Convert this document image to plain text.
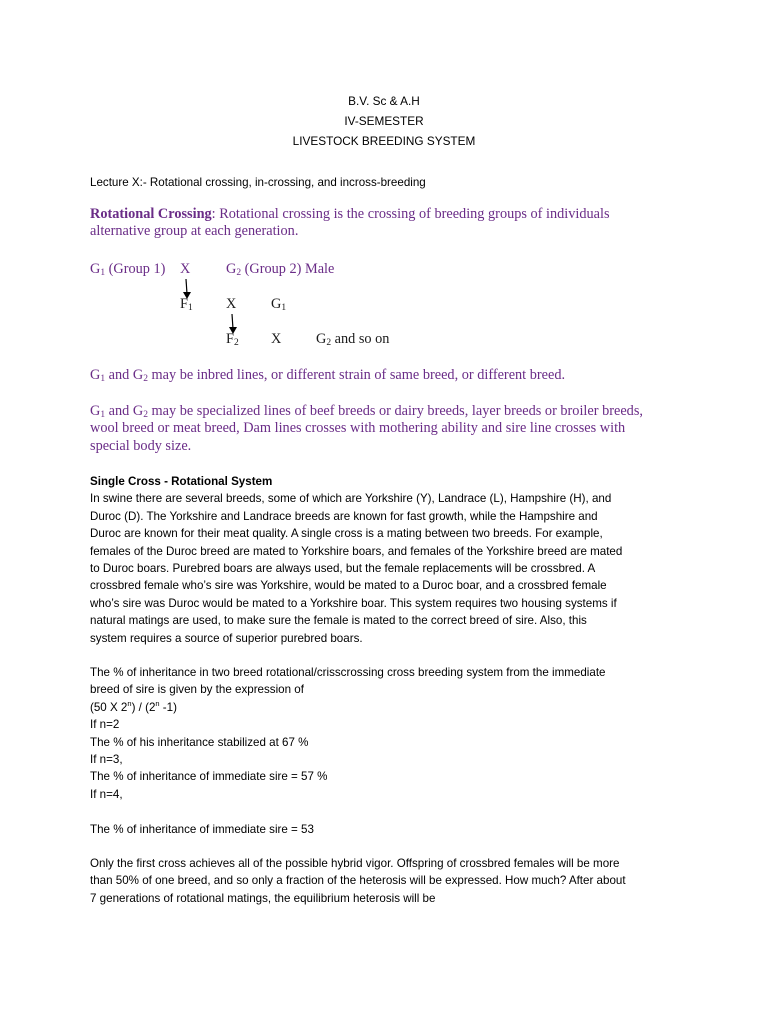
B.V. Sc & A.H
IV-SEMESTER
LIVESTOCK BREEDING SYSTEM
Lecture X:- Rotational crossing, in-crossing, and incross-breeding
Rotational Crossing: Rotational crossing is the crossing of breeding groups of individuals
alternative group at each generation.
$G_1$ (Group 1) X $G_2$ (Group 2) Male
$F_1$ X $G_1$
$F_2$ X $G_2$ and so on
$G_1$ and $G_2$ may be inbred lines, or different strain of same breed, or different breed.
$G_1$ and $G_2$ may be specialized lines of beef breeds or dairy breeds, layer breeds or broiler breeds,
wool breed or meat breed, Dam lines crosses with mothering ability and sire line crosses with
special body size.
Single Cross - Rotational System
In swine there are several breeds, some of which are Yorkshire (Y), Landrace (L), Hampshire (H), and
Duroc (D). The Yorkshire and Landrace breeds are known for fast growth, while the Hampshire and
Duroc are known for their meat quality. A single cross is a mating between two breeds. For example,
females of the Duroc breed are mated to Yorkshire boars, and females of the Yorkshire breed are mated
to Duroc boars. Purebred boars are always used, but the female replacements will be crossbred. A
crossbred female who’s sire was Yorkshire, would be mated to a Duroc boar, and a crossbred female
who’s sire was Duroc would be mated to a Yorkshire boar. This system requires two housing systems if
natural matings are used, to make sure the female is mated to the correct breed of sire. Also, this
system requires a source of superior purebred boars.
The % of inheritance in two breed rotational/crisscrossing cross breeding system from the immediate
breed of sire is given by the expression of
(50 X 2$^n$) / (2$^n$ -1)
If n=2
The % of his inheritance stabilized at 67 %
If n=3,
The % of inheritance of immediate sire = 57 %
If n=4,
The % of inheritance of immediate sire = 53
Only the first cross achieves all of the possible hybrid vigor. Offspring of crossbred females will be more
than 50% of one breed, and so only a fraction of the heterosis will be expressed. How much? After about
7 generations of rotational matings, the equilibrium heterosis will be
